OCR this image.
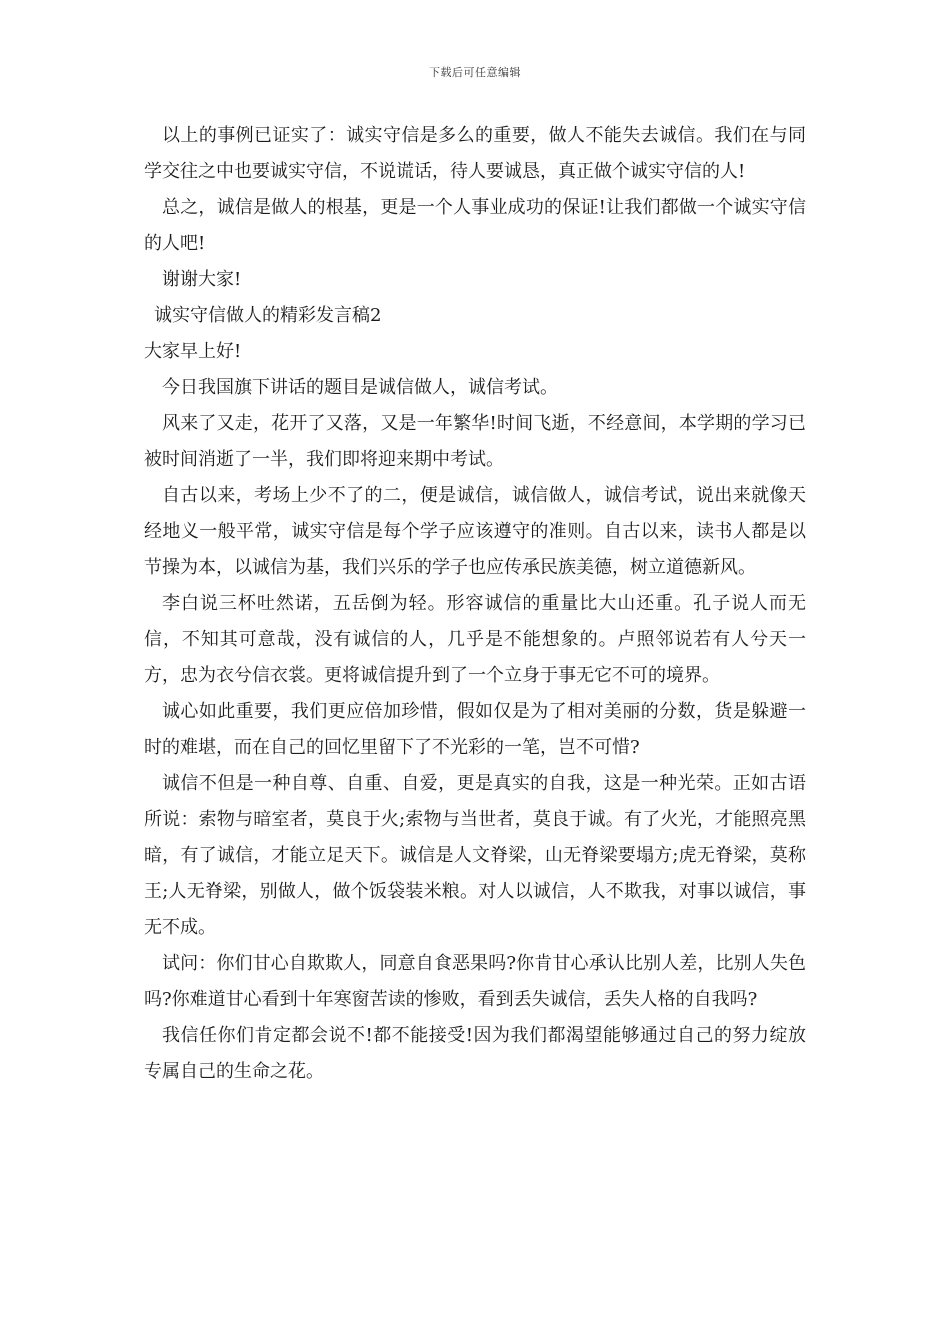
下载后可任意编辑

以上的事例已证实了：诚实守信是多么的重要，做人不能失去诚信。我们在与同学交往之中也要诚实守信，不说谎话，待人要诚恳，真正做个诚实守信的人!

总之，诚信是做人的根基，更是一个人事业成功的保证!让我们都做一个诚实守信的人吧!

谢谢大家!

诚实守信做人的精彩发言稿2

大家早上好!

今日我国旗下讲话的题目是诚信做人，诚信考试。

风来了又走，花开了又落，又是一年繁华!时间飞逝，不经意间，本学期的学习已被时间消逝了一半，我们即将迎来期中考试。

自古以来，考场上少不了的二，便是诚信，诚信做人，诚信考试，说出来就像天经地义一般平常，诚实守信是每个学子应该遵守的准则。自古以来，读书人都是以节操为本，以诚信为基，我们兴乐的学子也应传承民族美德，树立道德新风。

李白说三杯吐然诺，五岳倒为轻。形容诚信的重量比大山还重。孔子说人而无信，不知其可意哉，没有诚信的人，几乎是不能想象的。卢照邻说若有人兮天一方，忠为衣兮信衣裳。更将诚信提升到了一个立身于事无它不可的境界。

诚心如此重要，我们更应倍加珍惜，假如仅是为了相对美丽的分数，货是躲避一时的难堪，而在自己的回忆里留下了不光彩的一笔，岂不可惜?

诚信不但是一种自尊、自重、自爱，更是真实的自我，这是一种光荣。正如古语所说：索物与暗室者，莫良于火;索物与当世者，莫良于诚。有了火光，才能照亮黑暗，有了诚信，才能立足天下。诚信是人文脊梁，山无脊梁要塌方;虎无脊梁，莫称王;人无脊梁，别做人，做个饭袋装米粮。对人以诚信，人不欺我，对事以诚信，事无不成。

试问：你们甘心自欺欺人，同意自食恶果吗?你肯甘心承认比别人差，比别人失色吗?你难道甘心看到十年寒窗苦读的惨败，看到丢失诚信，丢失人格的自我吗?

我信任你们肯定都会说不!都不能接受!因为我们都渴望能够通过自己的努力绽放专属自己的生命之花。
